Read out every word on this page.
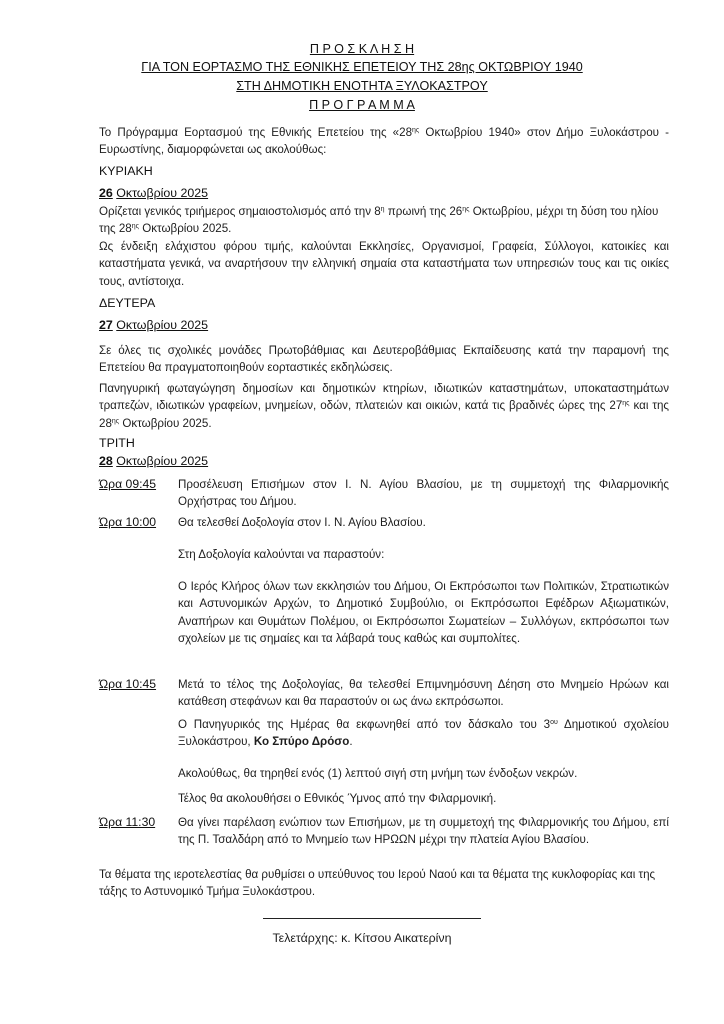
Π Ρ Ο Σ Κ Λ Η Σ Η
ΓΙΑ ΤΟΝ ΕΟΡΤΑΣΜΟ ΤΗΣ ΕΘΝΙΚΗΣ ΕΠΕΤΕΙΟΥ ΤΗΣ 28ης ΟΚΤΩΒΡΙΟΥ 1940
ΣΤΗ ΔΗΜΟΤΙΚΗ ΕΝΟΤΗΤΑ ΞΥΛΟΚΑΣΤΡΟΥ
Π Ρ Ο Γ Ρ Α Μ Μ Α
Το Πρόγραμμα Εορτασμού της Εθνικής Επετείου της «$28^{\eta\varsigma}$ Οκτωβρίου 1940» στον Δήμο Ξυλοκάστρου - Ευρωστίνης, διαμορφώνεται ως ακολούθως:
ΚΥΡΙΑΚΗ
26 Οκτωβρίου 2025
Ορίζεται γενικός τριήμερος σημαιοστολισμός από την $8^\eta$ πρωινή της $26^{\eta\varsigma}$ Οκτωβρίου, μέχρι τη δύση του ηλίου της $28^{\eta\varsigma}$ Οκτωβρίου 2025.
Ως ένδειξη ελάχιστου φόρου τιμής, καλούνται Εκκλησίες, Οργανισμοί, Γραφεία, Σύλλογοι, κατοικίες και καταστήματα γενικά, να αναρτήσουν την ελληνική σημαία στα καταστήματα των υπηρεσιών τους και τις οικίες τους, αντίστοιχα.
ΔΕΥΤΕΡΑ
27 Οκτωβρίου 2025
Σε όλες τις σχολικές μονάδες Πρωτοβάθμιας και Δευτεροβάθμιας Εκπαίδευσης κατά την παραμονή της Επετείου θα πραγματοποιηθούν εορταστικές εκδηλώσεις.
Πανηγυρική φωταγώγηση δημοσίων και δημοτικών κτηρίων, ιδιωτικών καταστημάτων, υποκαταστημάτων τραπεζών, ιδιωτικών γραφείων, μνημείων, οδών, πλατειών και οικιών, κατά τις βραδινές ώρες της $27^{\eta\varsigma}$ και της $28^{\eta\varsigma}$ Οκτωβρίου 2025.
ΤΡΙΤΗ
28 Οκτωβρίου 2025
Ώρα 09:45 Προσέλευση Επισήμων στον Ι. Ν. Αγίου Βλασίου, με τη συμμετοχή της Φιλαρμονικής Ορχήστρας του Δήμου.
Ώρα 10:00 Θα τελεσθεί Δοξολογία στον Ι. Ν. Αγίου Βλασίου.
Στη Δοξολογία καλούνται να παραστούν:
Ο Ιερός Κλήρος όλων των εκκλησιών του Δήμου, Οι Εκπρόσωποι των Πολιτικών, Στρατιωτικών και Αστυνομικών Αρχών, το Δημοτικό Συμβούλιο, οι Εκπρόσωποι Εφέδρων Αξιωματικών, Αναπήρων και Θυμάτων Πολέμου, οι Εκπρόσωποι Σωματείων – Συλλόγων, εκπρόσωποι των σχολείων με τις σημαίες και τα λάβαρά τους καθώς και συμπολίτες.
Ώρα 10:45 Μετά το τέλος της Δοξολογίας, θα τελεσθεί Επιμνημόσυνη Δέηση στο Μνημείο Ηρώων και κατάθεση στεφάνων και θα παραστούν οι ως άνω εκπρόσωποι.
Ο Πανηγυρικός της Ημέρας θα εκφωνηθεί από τον δάσκαλο του $3^{o\upsilon}$ Δημοτικού σχολείου Ξυλοκάστρου, Κο Σπύρο Δρόσο.
Ακολούθως, θα τηρηθεί ενός (1) λεπτού σιγή στη μνήμη των ένδοξων νεκρών.
Τέλος θα ακολουθήσει ο Εθνικός Ύμνος από την Φιλαρμονική.
Ώρα 11:30 Θα γίνει παρέλαση ενώπιον των Επισήμων, με τη συμμετοχή της Φιλαρμονικής του Δήμου, επί της Π. Τσαλδάρη από το Μνημείο των ΗΡΩΩΝ μέχρι την πλατεία Αγίου Βλασίου.
Τα θέματα της ιεροτελεστίας θα ρυθμίσει ο υπεύθυνος του Ιερού Ναού και τα θέματα της κυκλοφορίας και της τάξης το Αστυνομικό Τμήμα Ξυλοκάστρου.
Τελετάρχης: κ. Κίτσου Αικατερίνη
